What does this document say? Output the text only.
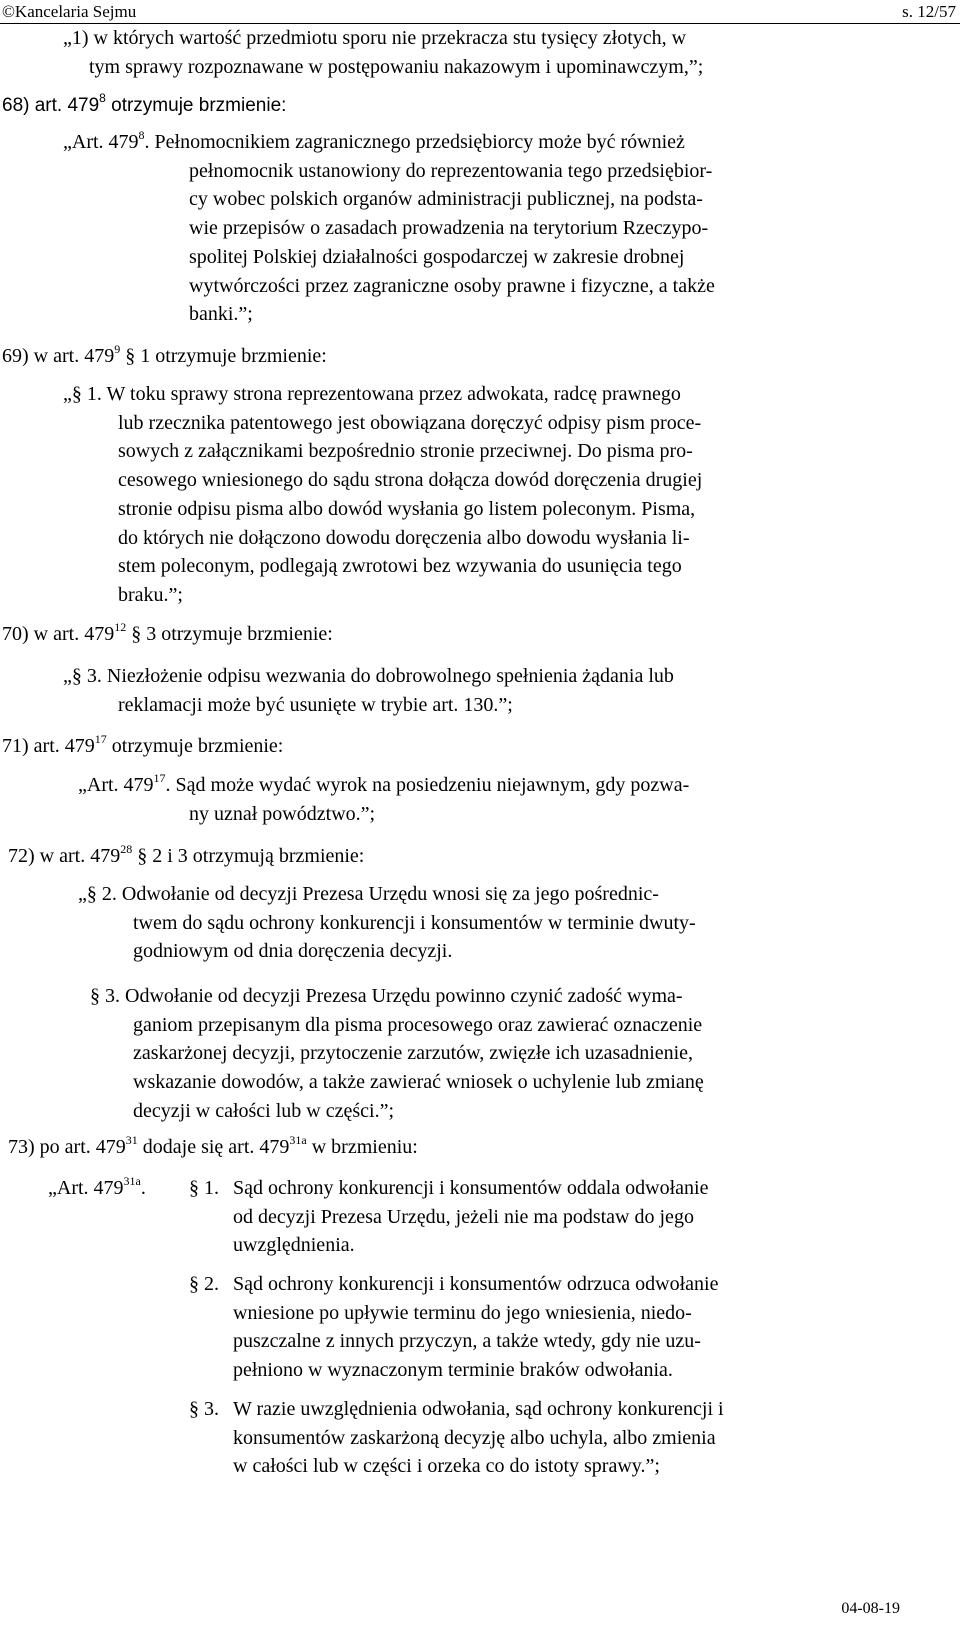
©Kancelaria Sejmu	s. 12/57
„1) w których wartość przedmiotu sporu nie przekracza stu tysięcy złotych, w
tym sprawy rozpoznawane w postępowaniu nakazowym i upominawczym,”;
68) art. $479^8$ otrzymuje brzmienie:
„Art. $479^8$. Pełnomocnikiem zagranicznego przedsiębiorcy może być również
pełnomocnik ustanowiony do reprezentowania tego przedsiębior-
cy wobec polskich organów administracji publicznej, na podsta-
wie przepisów o zasadach prowadzenia na terytorium Rzeczypo-
spolitej Polskiej działalności gospodarczej w zakresie drobnej
wytwórczości przez zagraniczne osoby prawne i fizyczne, a także
banki.”;
69) w art. $479^9$ § 1 otrzymuje brzmienie:
„§ 1. W toku sprawy strona reprezentowana przez adwokata, radcę prawnego
lub rzecznika patentowego jest obowiązana doręczyć odpisy pism proce-
sowych z załącznikami bezpośrednio stronie przeciwnej. Do pisma pro-
cesowego wniesionego do sądu strona dołącza dowód doręczenia drugiej
stronie odpisu pisma albo dowód wysłania go listem poleconym. Pisma,
do których nie dołączono dowodu doręczenia albo dowodu wysłania li-
stem poleconym, podlegają zwrotowi bez wzywania do usunięcia tego
braku.”;
70) w art. $479^{12}$ § 3 otrzymuje brzmienie:
„§ 3. Niezłożenie odpisu wezwania do dobrowolnego spełnienia żądania lub
reklamacji może być usunięte w trybie art. 130.”;
71) art. $479^{17}$ otrzymuje brzmienie:
„Art. $479^{17}$. Sąd może wydać wyrok na posiedzeniu niejawnym, gdy pozwa-
ny uznał powództwo.”;
72) w art. $479^{28}$ § 2 i 3 otrzymują brzmienie:
„§ 2. Odwołanie od decyzji Prezesa Urzędu wnosi się za jego pośrednic-
twem do sądu ochrony konkurencji i konsumentów w terminie dwuty-
godniowym od dnia doręczenia decyzji.
§ 3. Odwołanie od decyzji Prezesa Urzędu powinno czynić zadość wyma-
ganiom przepisanym dla pisma procesowego oraz zawierać oznaczenie
zaskarżonej decyzji, przytoczenie zarzutów, zwięzłe ich uzasadnienie,
wskazanie dowodów, a także zawierać wniosek o uchylenie lub zmianę
decyzji w całości lub w części.”;
73) po art. $479^{31}$ dodaje się art. $479^{31a}$ w brzmieniu:
„Art. $479^{31a}$. § 1. Sąd ochrony konkurencji i konsumentów oddala odwołanie
od decyzji Prezesa Urzędu, jeżeli nie ma podstaw do jego
uwzględnienia.
§ 2. Sąd ochrony konkurencji i konsumentów odrzuca odwołanie
wniesione po upływie terminu do jego wniesienia, niedo-
puszczalne z innych przyczyn, a także wtedy, gdy nie uzu-
pełniono w wyznaczonym terminie braków odwołania.
§ 3. W razie uwzględnienia odwołania, sąd ochrony konkurencji i
konsumentów zaskarżoną decyzję albo uchyla, albo zmienia
w całości lub w części i orzeka co do istoty sprawy.”;
04-08-19
